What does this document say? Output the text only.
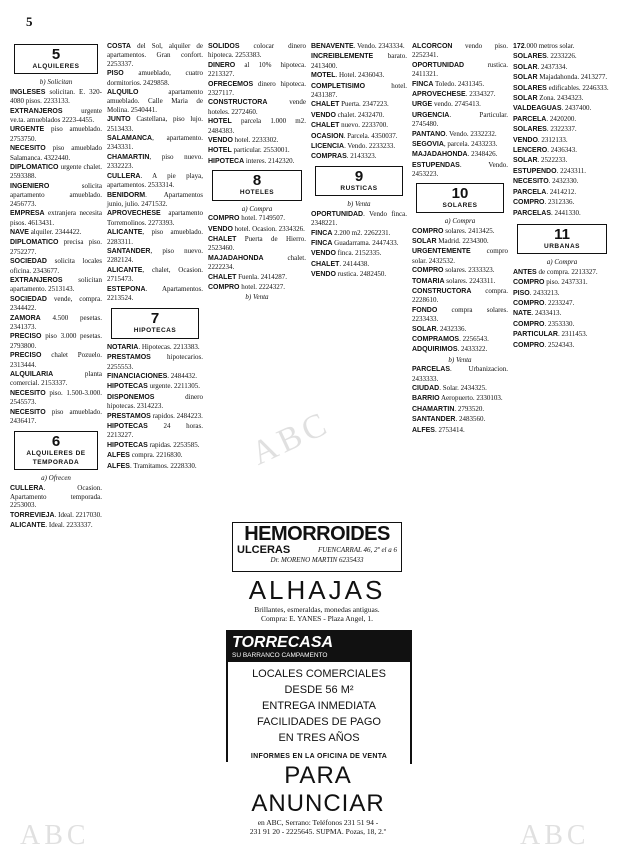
5
5
ALQUILERES
b) Solicitan

INGLESES solicitan. E. 320-4080 pisos. 2233133.

EXTRANJEROS urgente ve.ta. amueblados 2223-4455.

URGENTE piso amueblado. 2753750.

NECESITO piso amueblado Salamanca. 4322440.

DIPLOMATICO urgente chalet. 2593388.

INGENIERO solicita apartamento amueblado. 2456773.

EMPRESA extranjera necesita pisos. 4613431.

NAVE alquiler. 2344422.

DIPLOMATICO precisa piso. 2752277.

SOCIEDAD solicita locales oficina. 2343677.

EXTRANJEROS solicitan apartamento. 2513143.

SOCIEDAD vende, compra. 2344422.

ZAMORA 4.500 pesetas. 2341373.

PRECISO piso 3.000 pesetas. 2793800.

PRECISO chalet Pozuelo. 2313444.

ALQUILARIA planta comercial. 2153337.

NECESITO piso. 1.500-3.000. 2545573.

NECESITO piso amueblado. 2436417.

6
ALQUILERES DE TEMPORADA
a) Ofrecen

CULLERA. Ocasion. Apartamento temporada. 2253003.

TORREVIEJA. Ideal. 2217030.

ALICANTE. Ideal. 2233337.

COSTA del Sol, alquiler de apartamentos. Gran confort. 2253337.

PISO amueblado, cuatro dormitorios. 2429858.

ALQUILO apartamento amueblado. Calle Maria de Molina. 2540441.

JUNTO Castellana, piso lujo. 2513433.

SALAMANCA, apartamento. 2343331.

CHAMARTIN, piso nuevo. 2332223.

CULLERA. A pie playa, apartamentos. 2533314.

BENIDORM. Apartamentos junio, julio. 2471532.

APROVECHESE apartamento Torremolinos. 2273393.

ALICANTE, piso amueblado. 2283311.

SANTANDER, piso nuevo. 2282124.

ALICANTE, chalet, Ocasion. 2715473.

ESTEPONA. Apartamentos. 2213524.

7
HIPOTECAS

NOTARIA. Hipotecas. 2213383.

PRESTAMOS hipotecarios. 2255553.

FINANCIACIONES. 2484432.

HIPOTECAS urgente. 2211305.

DISPONEMOS dinero hipotecas. 2314223.

PRESTAMOS rapidos. 2484223.

HIPOTECAS 24 horas. 2213227.

HIPOTECAS rapidas. 2253585.

ALFES compra. 2216830.

ALFES. Tramitamos. 2228330.

SOLIDOS colocar dinero hipoteca. 2253383.

DINERO al 10% hipoteca. 2213327.

OFRECEMOS dinero hipoteca. 2327117.

CONSTRUCTORA vende hoteles. 2272460.

HOTEL parcela 1.000 m2. 2484383.

VENDO hotel. 2233302.

HOTEL particular. 2553001.

HIPOTECA interes. 2142320.

8
HOTELES
a) Compra

COMPRO hotel. 7149507.

VENDO hotel. Ocasion. 2334326.

CHALET Puerta de Hierro. 2523460.

MAJADAHONDA chalet. 2222234.

CHALET Fuenla. 2414287.

COMPRO hotel. 2224327.

b) Venta

BENAVENTE. Vendo. 2343334.

INCREIBLEMENTE barato. 2413400.

MOTEL. Hotel. 2436043.

COMPLETISIMO hotel. 2431387.

CHALET Puerta. 2347223.

VENDO chalet. 2432470.

CHALET nuevo. 2233700.

OCASION. Parcela. 4350037.

LICENCIA. Vendo. 2233233.

COMPRAS. 2143323.

9
RUSTICAS
b) Venta

OPORTUNIDAD. Vendo finca. 2348221.

FINCA 2.200 m2. 2262231.

FINCA Guadarrama. 2447433.

VENDO finca. 2152335.

CHALET. 2414438.

VENDO rustica. 2482450.

ALCORCON vendo piso. 2252341.

OPORTUNIDAD rustica. 2411321.

FINCA Toledo. 2431345.

APROVECHESE. 2334327.

URGE vendo. 2745413.

URGENCIA. Particular. 2745480.

PANTANO. Vendo. 2332232.

SEGOVIA, parcela. 2433233.

MAJADAHONDA. 2348426.

ESTUPENDAS. Vendo. 2453223.

10
SOLARES
a) Compra

COMPRO solares. 2413425.

SOLAR Madrid. 2234300.

URGENTEMENTE compro solar. 2432532.

COMPRO solares. 2333323.

TOMARIA solares. 2243311.

CONSTRUCTORA compra. 2228610.

FONDO compra solares. 2233433.

SOLAR. 2432336.

COMPRAMOS. 2256543.

ADQUIRIMOS. 2433322.

b) Venta

PARCELAS. Urbanizacion. 2433333.

CIUDAD. Solar. 2434325.

BARRIO Aeropuerto. 2330103.

CHAMARTIN. 2793520.

SANTANDER. 2483560.

ALFES. 2753414.

172.000 metros solar.

SOLARES. 2233226.

SOLAR. 2437334.

SOLAR Majadahonda. 2413277.

SOLARES edificables. 2246333.

SOLAR Zona. 2434323.

VALDEAGUAS. 2437400.

PARCELA. 2420200.

SOLARES. 2322337.

VENDO. 2312133.

LENCERO. 2436343.

SOLAR. 2522233.

ESTUPENDO. 2243311.

NECESITO. 2432330.

PARCELA. 2414212.

COMPRO. 2312336.

PARCELAS. 2441330.

11
URBANAS
a) Compra

ANTES de compra. 2213327.

COMPRO piso. 2437331.

PISO. 2433213.

COMPRO. 2233247.

NATE. 2433413.

COMPRO. 2353330.

PARTICULAR. 2311453.

COMPRO. 2524343.

HEMORROIDES
ULCERAS	FUENCARRAL 46, 2º el a 6
Dr. MORENO MARTIN 6235433
ALHAJAS
Brillantes, esmeraldas, monedas antiguas.
Compra: E. YANES - Plaza Angel, 1.
TORRECASA
SU BARRANCO CAMPAMENTO
LOCALES COMERCIALES
DESDE 56 M²
ENTREGA INMEDIATA
FACILIDADES DE PAGO
EN TRES AÑOS
INFORMES EN LA OFICINA DE VENTA
PARA ANUNCIAR
en ABC, Serrano: Teléfonos 231 51 94 -
231 91 20 - 2225645. SUPMA. Pozas, 18, 2.º
ABC
ABC	ABC
